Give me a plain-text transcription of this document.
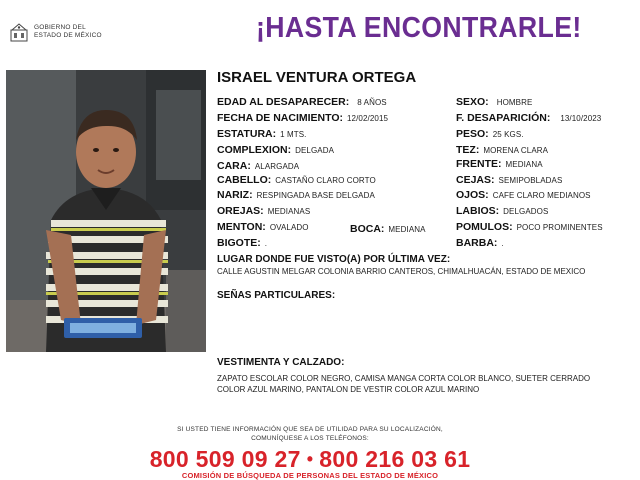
GOBIERNO DEL
ESTADO DE MÉXICO	¡HASTA ENCONTRARLE!
ISRAEL VENTURA ORTEGA
EDAD AL DESAPARECER: 8 AÑOS
FECHA DE NACIMIENTO: 12/02/2015
ESTATURA: 1 MTS.
COMPLEXION: DELGADA
CARA: ALARGADA
CABELLO: CASTAÑO CLARO CORTO
NARIZ: RESPINGADA BASE DELGADA
OREJAS: MEDIANAS
MENTON: OVALADO
BIGOTE: .
BOCA: MEDIANA
SEXO: HOMBRE
F. DESAPARICIÓN: 13/10/2023
PESO: 25 KGS.
TEZ: MORENA CLARA
FRENTE: MEDIANA
CEJAS: SEMIPOBLADAS
OJOS: CAFE CLARO MEDIANOS
LABIOS: DELGADOS
POMULOS: POCO PROMINENTES
BARBA: .
LUGAR DONDE FUE VISTO(A) POR ÚLTIMA VEZ:
CALLE AGUSTIN MELGAR COLONIA BARRIO CANTEROS, CHIMALHUACÁN, ESTADO DE MEXICO
SEÑAS PARTICULARES:
VESTIMENTA Y CALZADO:
ZAPATO ESCOLAR COLOR NEGRO, CAMISA MANGA CORTA COLOR BLANCO, SUETER CERRADO COLOR AZUL MARINO, PANTALON DE VESTIR COLOR AZUL MARINO
SI USTED TIENE INFORMACIÓN QUE SEA DE UTILIDAD PARA SU LOCALIZACIÓN,
COMUNÍQUESE A LOS TELÉFONOS:
800 509 09 27 • 800 216 03 61
COMISIÓN DE BÚSQUEDA DE PERSONAS DEL ESTADO DE MÉXICO
